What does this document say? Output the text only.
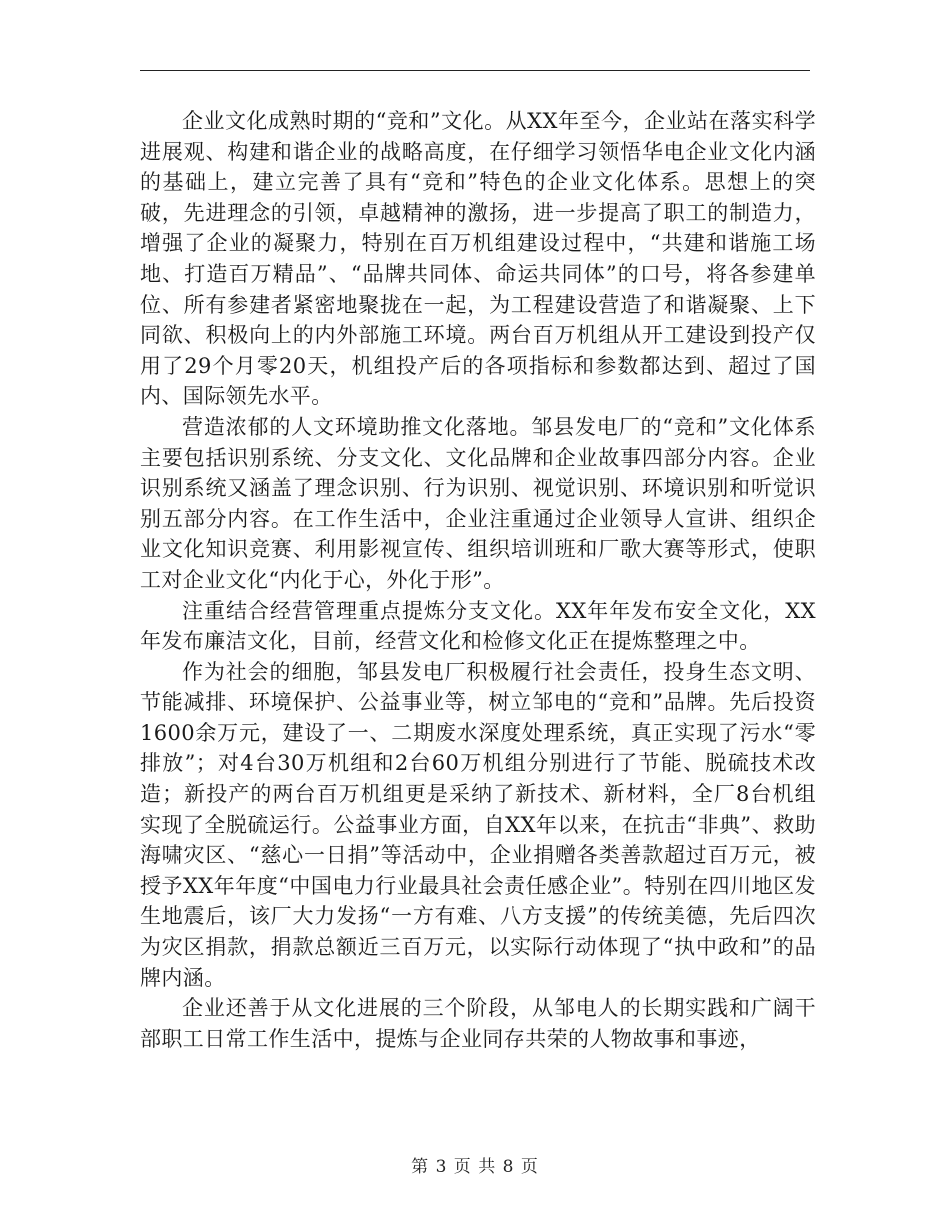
企业文化成熟时期的“竞和”文化。从XX年至今，企业站在落实科学进展观、构建和谐企业的战略高度，在仔细学习领悟华电企业文化内涵的基础上，建立完善了具有“竞和”特色的企业文化体系。思想上的突破，先进理念的引领，卓越精神的激扬，进一步提高了职工的制造力，增强了企业的凝聚力，特别在百万机组建设过程中，“共建和谐施工场地、打造百万精品”、“品牌共同体、命运共同体”的口号，将各参建单位、所有参建者紧密地聚拢在一起，为工程建设营造了和谐凝聚、上下同欲、积极向上的内外部施工环境。两台百万机组从开工建设到投产仅用了29个月零20天，机组投产后的各项指标和参数都达到、超过了国内、国际领先水平。

营造浓郁的人文环境助推文化落地。邹县发电厂的“竞和”文化体系主要包括识别系统、分支文化、文化品牌和企业故事四部分内容。企业识别系统又涵盖了理念识别、行为识别、视觉识别、环境识别和听觉识别五部分内容。在工作生活中，企业注重通过企业领导人宣讲、组织企业文化知识竞赛、利用影视宣传、组织培训班和厂歌大赛等形式，使职工对企业文化“内化于心，外化于形”。

注重结合经营管理重点提炼分支文化。XX年年发布安全文化，XX年发布廉洁文化，目前，经营文化和检修文化正在提炼整理之中。

作为社会的细胞，邹县发电厂积极履行社会责任，投身生态文明、节能减排、环境保护、公益事业等，树立邹电的“竞和”品牌。先后投资1600余万元，建设了一、二期废水深度处理系统，真正实现了污水“零排放”；对4台30万机组和2台60万机组分别进行了节能、脱硫技术改造；新投产的两台百万机组更是采纳了新技术、新材料，全厂8台机组实现了全脱硫运行。公益事业方面，自XX年以来，在抗击“非典”、救助海啸灾区、“慈心一日捐”等活动中，企业捐赠各类善款超过百万元，被授予XX年年度“中国电力行业最具社会责任感企业”。特别在四川地区发生地震后，该厂大力发扬“一方有难、八方支援”的传统美德，先后四次为灾区捐款，捐款总额近三百万元，以实际行动体现了“执中政和”的品牌内涵。

企业还善于从文化进展的三个阶段，从邹电人的长期实践和广阔干部职工日常工作生活中，提炼与企业同存共荣的人物故事和事迹，

第 3 页 共 8 页
